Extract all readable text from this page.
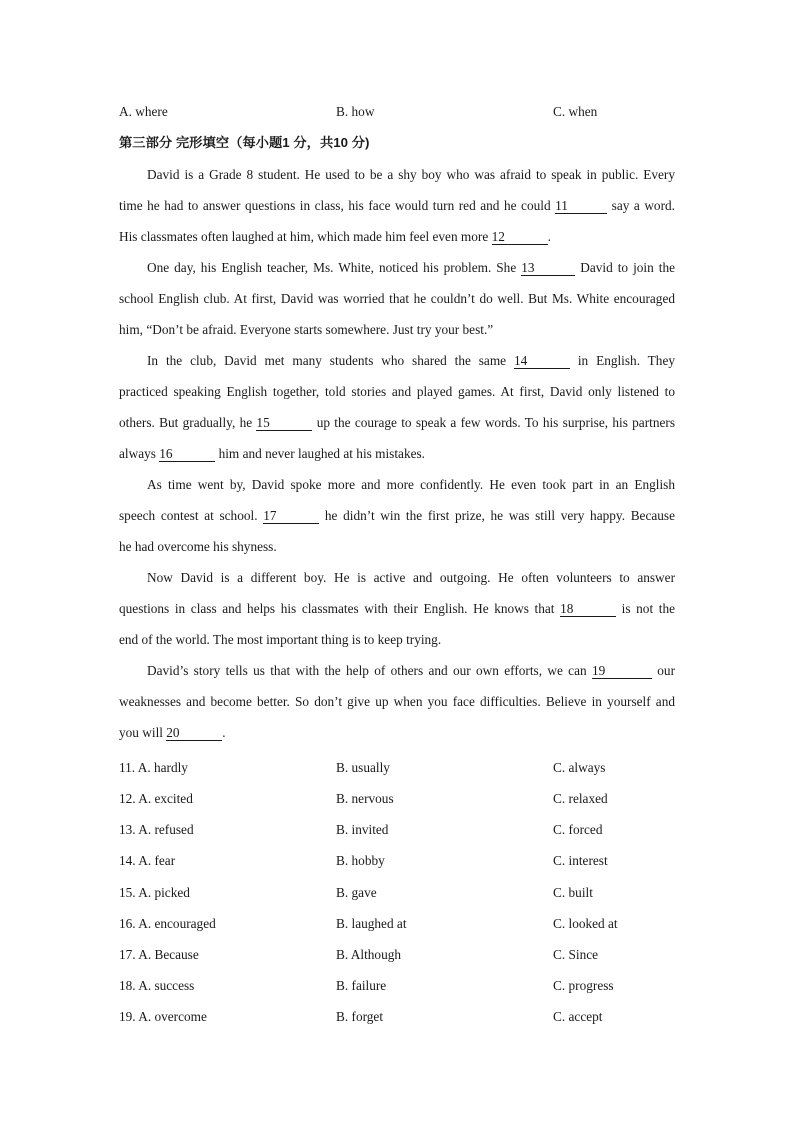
A. where	B. how	C. when
第三部分 完形填空（每小题1 分，共10 分)
David is a Grade 8 student. He used to be a shy boy who was afraid to speak in public. Every
time he had to answer questions in class, his face would turn red and he could 11	say a word.
His classmates often laughed at him, which made him feel even more 12	.
One day, his English teacher, Ms. White, noticed his problem. She 13	David to join the
school English club. At first, David was worried that he couldn’t do well. But Ms. White encouraged
him, “Don’t be afraid. Everyone starts somewhere. Just try your best.”
In the club, David met many students who shared the same 14	in English. They
practiced speaking English together, told stories and played games. At first, David only listened to
others. But gradually, he 15	up the courage to speak a few words. To his surprise, his partners
always 16	him and never laughed at his mistakes.
As time went by, David spoke more and more confidently. He even took part in an English
speech contest at school. 17	he didn’t win the first prize, he was still very happy. Because
he had overcome his shyness.
Now David is a different boy. He is active and outgoing. He often volunteers to answer
questions in class and helps his classmates with their English. He knows that 18	is not the
end of the world. The most important thing is to keep trying.
David’s story tells us that with the help of others and our own efforts, we can 19	our
weaknesses and become better. So don’t give up when you face difficulties. Believe in yourself and
you will 20	.
11. A. hardly	B. usually	C. always
12. A. excited	B. nervous	C. relaxed
13. A. refused	B. invited	C. forced
14. A. fear	B. hobby	C. interest
15. A. picked	B. gave	C. built
16. A. encouraged	B. laughed at	C. looked at
17. A. Because	B. Although	C. Since
18. A. success	B. failure	C. progress
19. A. overcome	B. forget	C. accept
